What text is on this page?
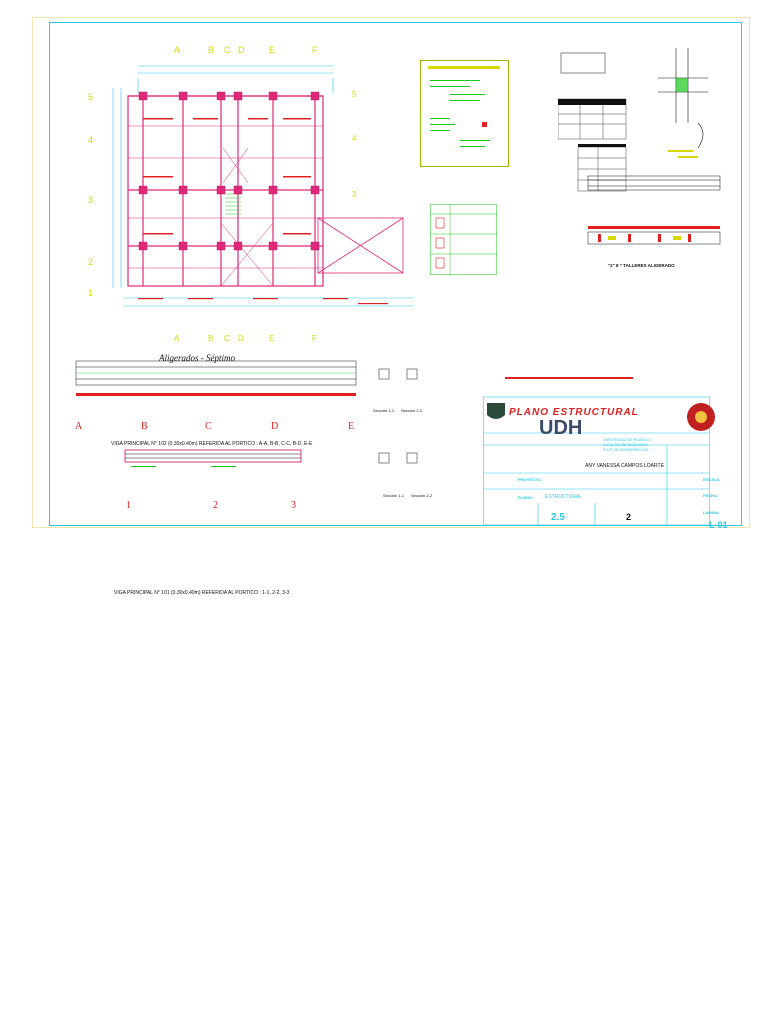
A	B C D	E	F
5
4
3
2
1
5
4
3
A	B C D	E	F
"2" 8 " TALLERES ALIGERADO
Aligerados - Séptimo
Sección 1-1 Sección 2-2
Sección 1-1 Sección 2-2
A	B	C	D	E
VIGA PRINCIPAL N° 102 (0.30x0.40m) REFERIDA AL PORTICO : A-A, B-B, C-C, B-D, E-E
1	2	3
PLANO ESTRUCTURAL
UDH
UNIVERSIDAD DE HUANUCO
FACULTAD DE INGENIERIA
E.A.P. DE INGENIERIA CIVIL
ANY VANESSA CAMPOS LOARTE
PROYECTO:	ESCALA:
PLANO: ESTRUCTURAL	FECHA:
LAMINA:
2.5	2
L-01
VIGA PRINCIPAL N° 101 (0.30x0.40m) REFERIDA AL PORTICO : 1-1, 2-2, 3-3
